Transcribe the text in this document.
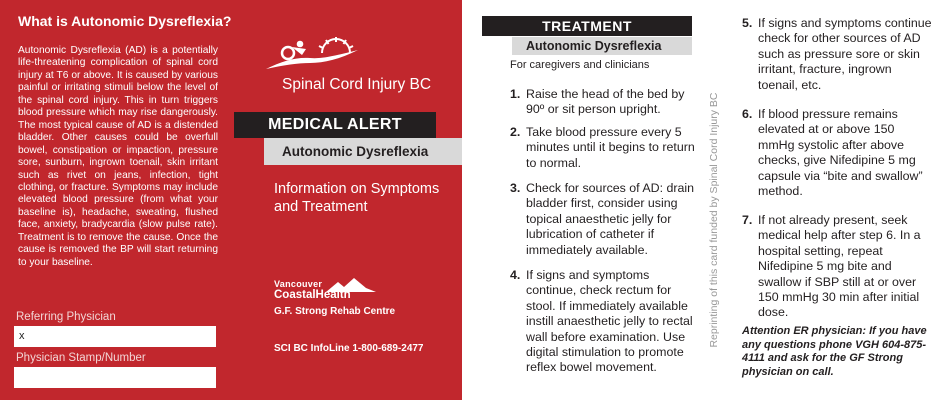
What is Autonomic Dysreflexia?
Autonomic Dysreflexia (AD) is a potentially life-threatening complication of spinal cord injury at T6 or above. It is caused by various painful or irritating stimuli below the level of the spinal cord injury. This in turn triggers blood pressure which may rise dangerously. The most typical cause of AD is a distended bladder. Other causes could be overfull bowel, constipation or impaction, pressure sore, sunburn, ingrown toenail, skin irritant such as rivet on jeans, infection, tight clothing, or fracture. Symptoms may include elevated blood pressure (from what your baseline is), headache, sweating, flushed face, anxiety, bradycardia (slow pulse rate). Treatment is to remove the cause. Once the cause is removed the BP will start returning to your baseline.
Referring Physician
x
Physician Stamp/Number
Spinal Cord Injury BC
MEDICAL ALERT
Autonomic Dysreflexia
Information on Symptoms and Treatment
Vancouver
CoastalHealth
G.F. Strong Rehab Centre
SCI BC InfoLine 1-800-689-2477
TREATMENT
Autonomic Dysreflexia
For caregivers and clinicians
1. Raise the head of the bed by 90º or sit person upright.
2. Take blood pressure every 5 minutes until it begins to return to normal.
3. Check for sources of AD: drain bladder first, consider using topical anaesthetic jelly for lubrication of catheter if immediately available.
4. If signs and symptoms continue, check rectum for stool. If immediately available instill anaesthetic jelly to rectal wall before examination. Use digital stimulation to promote reflex bowel movement.
Reprinting of this card funded by Spinal Cord Injury BC
5. If signs and symptoms continue check for other sources of AD such as pressure sore or skin irritant, fracture, ingrown toenail, etc.
6. If blood pressure remains elevated at or above 150 mmHg systolic after above checks, give Nifedipine 5 mg capsule via “bite and swallow” method.
7. If not already present, seek medical help after step 6. In a hospital setting, repeat Nifedipine 5 mg bite and swallow if SBP still at or over 150 mmHg 30 min after initial dose.
Attention ER physician: If you have any questions phone VGH 604-875-4111 and ask for the GF Strong physician on call.
